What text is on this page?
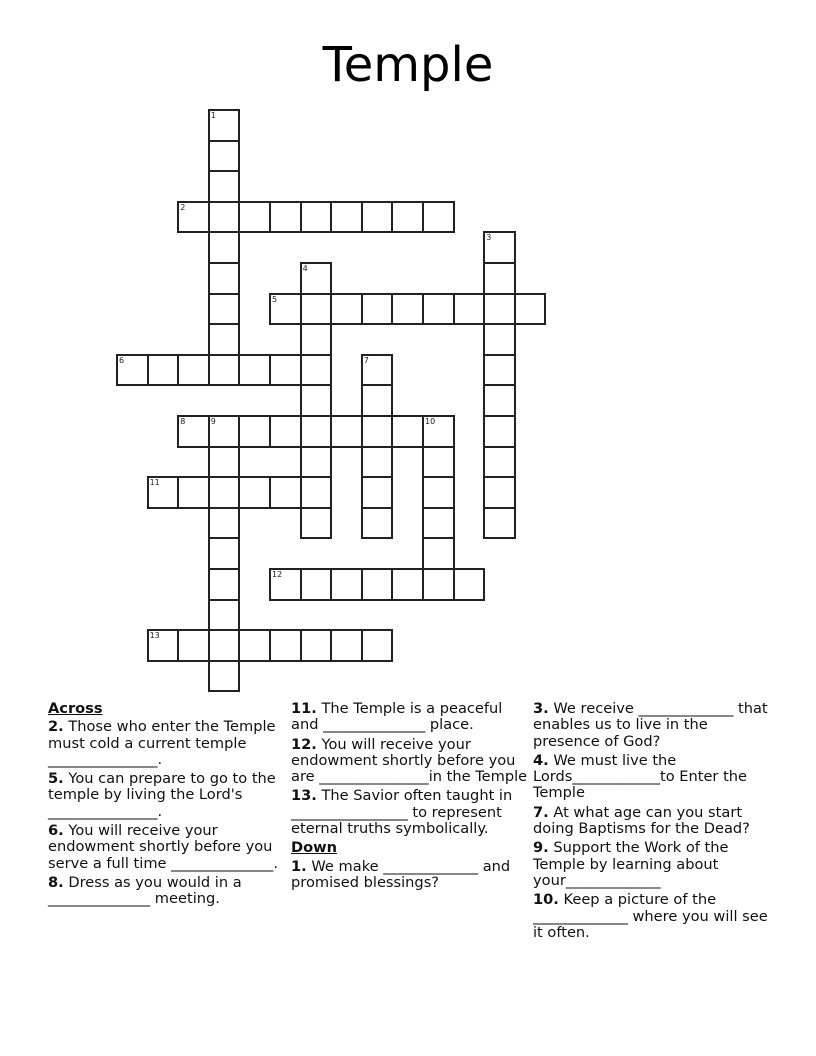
Temple
1
2
3
4
5
6	7
8	9	10
11
12
13
Across
2. Those who enter the Temple must cold a current temple _______________.
5. You can prepare to go to the temple by living the Lord's _______________.
6. You will receive your endowment shortly before you serve a full time ______________.
8. Dress as you would in a ______________ meeting.
11. The Temple is a peaceful and ______________ place.
12. You will receive your endowment shortly before you are _______________in the Temple
13. The Savior often taught in ________________ to represent eternal truths symbolically.
Down
1. We make _____________ and promised blessings?
3. We receive _____________ that enables us to live in the presence of God?
4. We must live the Lords____________to Enter the Temple
7. At what age can you start doing Baptisms for the Dead?
9. Support the Work of the Temple by learning about your_____________
10. Keep a picture of the _____________ where you will see it often.
